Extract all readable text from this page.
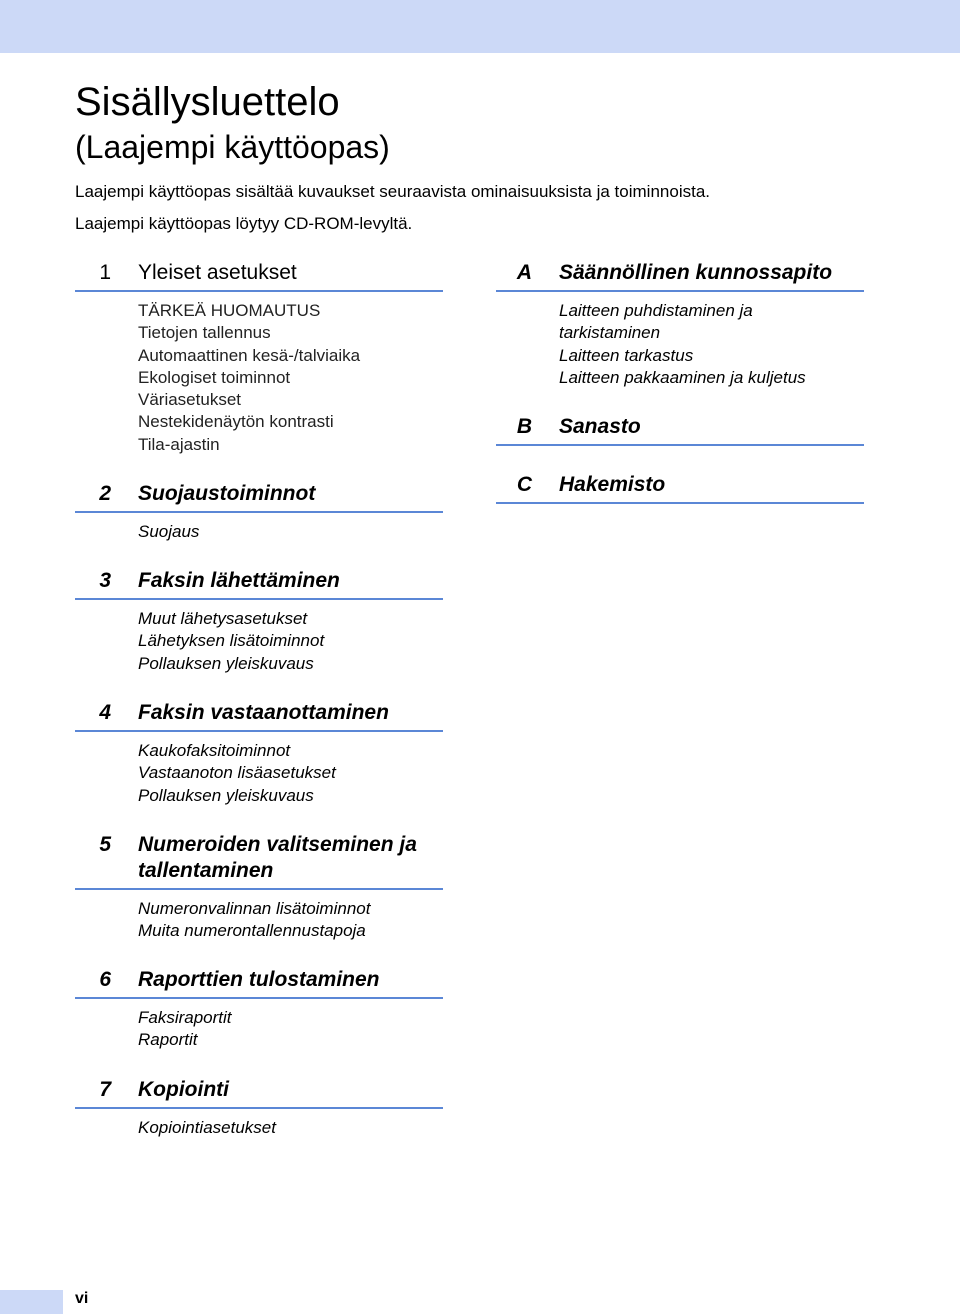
Sisällysluettelo
(Laajempi käyttöopas)
Laajempi käyttöopas sisältää kuvaukset seuraavista ominaisuuksista ja toiminnoista.
Laajempi käyttöopas löytyy CD-ROM-levyltä.
1 Yleiset asetukset
TÄRKEÄ HUOMAUTUS
Tietojen tallennus
Automaattinen kesä-/talviaika
Ekologiset toiminnot
Väriasetukset
Nestekidenäytön kontrasti
Tila-ajastin
2 Suojaustoiminnot
Suojaus
3 Faksin lähettäminen
Muut lähetysasetukset
Lähetyksen lisätoiminnot
Pollauksen yleiskuvaus
4 Faksin vastaanottaminen
Kaukofaksitoiminnot
Vastaanoton lisäasetukset
Pollauksen yleiskuvaus
5 Numeroiden valitseminen ja
tallentaminen
Numeronvalinnan lisätoiminnot
Muita numerontallennustapoja
6 Raporttien tulostaminen
Faksiraportit
Raportit
7 Kopiointi
Kopiointiasetukset
A Säännöllinen kunnossapito
Laitteen puhdistaminen ja
tarkistaminen
Laitteen tarkastus
Laitteen pakkaaminen ja kuljetus
B Sanasto
C Hakemisto
vi
